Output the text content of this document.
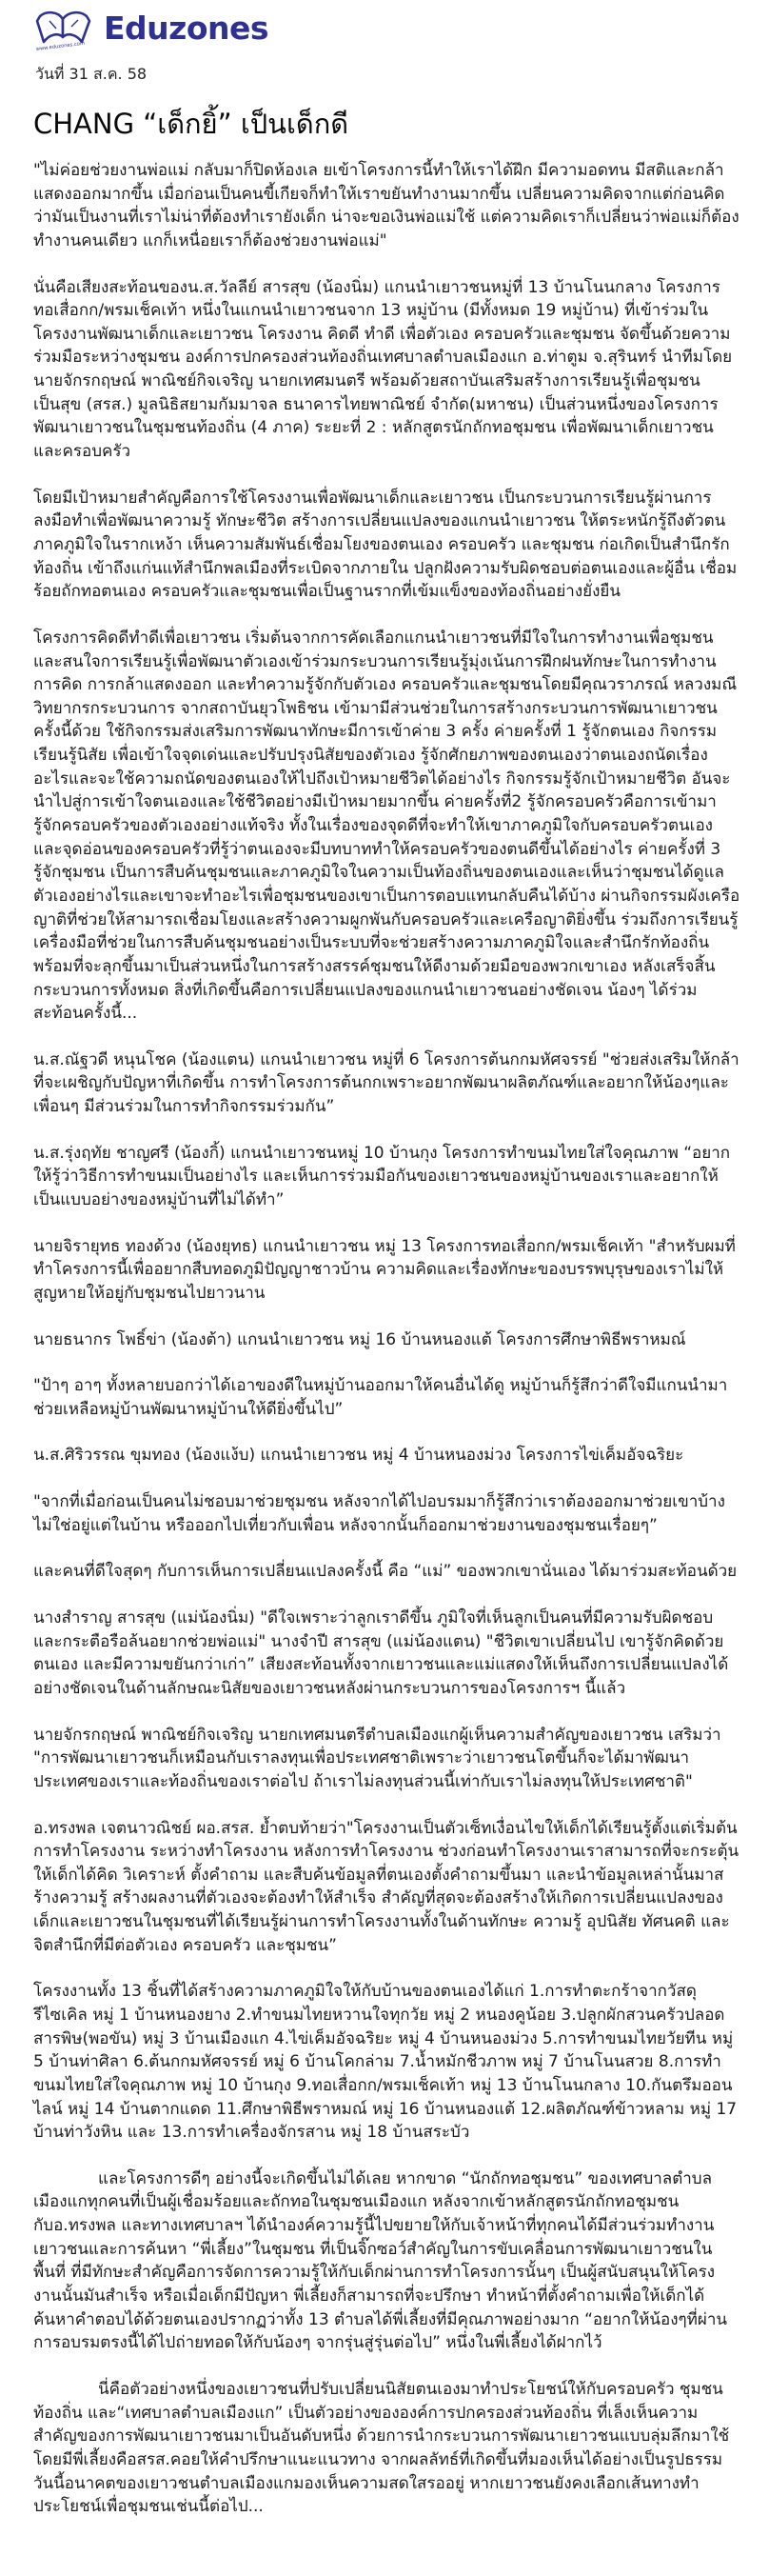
www.eduzones.com
Eduzones
วันที่ 31 ส.ค. 58
CHANG “เด็กยิ้” เป็นเด็กดี

"ไม่ค่อยช่วยงานพ่อแม่ กลับมาก็ปิดห้องเล ยเข้าโครงการนี้ทำให้เราได้ฝึก มีความอดทน มีสติและกล้าแสดงออกมากขึ้น เมื่อก่อนเป็นคนขี้เกียจก็ทำให้เราขยันทำงานมากขึ้น เปลี่ยนความคิดจากแต่ก่อนคิดว่ามันเป็นงานที่เราไม่น่าที่ต้องทำเรายังเด็ก น่าจะขอเงินพ่อแม่ใช้ แต่ความคิดเราก็เปลี่ยนว่าพ่อแม่ก็ต้องทำงานคนเดียว แกก็เหนื่อยเราก็ต้องช่วยงานพ่อแม่"

นั่นคือเสียงสะท้อนของน.ส.วัลลีย์ สารสุข (น้องนิ่ม) แกนนำเยาวชนหมู่ที่ 13 บ้านโนนกลาง โครงการทอเสื่อกก/พรมเช็คเท้า หนึ่งในแกนนำเยาวชนจาก 13 หมู่บ้าน (มีทั้งหมด 19 หมู่บ้าน) ที่เข้าร่วมในโครงงานพัฒนาเด็กและเยาวชน โครงงาน คิดดี ทำดี เพื่อตัวเอง ครอบครัวและชุมชน จัดขึ้นด้วยความร่วมมือระหว่างชุมชน องค์การปกครองส่วนท้องถิ่นเทศบาลตำบลเมืองแก อ.ท่าตูม จ.สุรินทร์ นำทีมโดย นายจักรกฤษณ์ พาณิชย์กิจเจริญ นายกเทศมนตรี พร้อมด้วยสถาบันเสริมสร้างการเรียนรู้เพื่อชุมชนเป็นสุข (สรส.) มูลนิธิสยามกัมมาจล ธนาคารไทยพาณิชย์ จำกัด(มหาชน) เป็นส่วนหนึ่งของโครงการพัฒนาเยาวชนในชุมชนท้องถิ่น (4 ภาค) ระยะที่ 2 : หลักสูตรนักถักทอชุมชน เพื่อพัฒนาเด็กเยาวชนและครอบครัว

โดยมีเป้าหมายสำคัญคือการใช้โครงงานเพื่อพัฒนาเด็กและเยาวชน เป็นกระบวนการเรียนรู้ผ่านการลงมือทำเพื่อพัฒนาความรู้ ทักษะชีวิต สร้างการเปลี่ยนแปลงของแกนนำเยาวชน ให้ตระหนักรู้ถึงตัวตน ภาคภูมิใจในรากเหง้า เห็นความสัมพันธ์เชื่อมโยงของตนเอง ครอบครัว และชุมชน ก่อเกิดเป็นสำนึกรักท้องถิ่น เข้าถึงแก่นแท้สำนึกพลเมืองที่ระเบิดจากภายใน ปลูกฝังความรับผิดชอบต่อตนเองและผู้อื่น เชื่อมร้อยถักทอตนเอง ครอบครัวและชุมชนเพื่อเป็นฐานรากที่เข้มแข็งของท้องถิ่นอย่างยั่งยืน

โครงการคิดดีทำดีเพื่อเยาวชน เริ่มต้นจากการคัดเลือกแกนนำเยาวชนที่มีใจในการทำงานเพื่อชุมชนและสนใจการเรียนรู้เพื่อพัฒนาตัวเองเข้าร่วมกระบวนการเรียนรู้มุ่งเน้นการฝึกฝนทักษะในการทำงานการคิด การกล้าแสดงออก และทำความรู้จักกับตัวเอง ครอบครัวและชุมชนโดยมีคุณวราภรณ์ หลวงมณี วิทยากรกระบวนการ จากสถาบันยุวโพธิชน เข้ามามีส่วนช่วยในการสร้างกระบวนการพัฒนาเยาวชนครั้งนี้ด้วย ใช้กิจกรรมส่งเสริมการพัฒนาทักษะมีการเข้าค่าย 3 ครั้ง ค่ายครั้งที่ 1 รู้จักตนเอง กิจกรรมเรียนรู้นิสัย เพื่อเข้าใจจุดเด่นและปรับปรุงนิสัยของตัวเอง รู้จักศักยภาพของตนเองว่าตนเองถนัดเรื่องอะไรและจะใช้ความถนัดของตนเองให้ไปถึงเป้าหมายชีวิตได้อย่างไร กิจกรรมรู้จักเป้าหมายชีวิต อันจะนำไปสู่การเข้าใจตนเองและใช้ชีวิตอย่างมีเป้าหมายมากขึ้น ค่ายครั้งที่2 รู้จักครอบครัวคือการเข้ามารู้จักครอบครัวของตัวเองอย่างแท้จริง ทั้งในเรื่องของจุดดีที่จะทำให้เขาภาคภูมิใจกับครอบครัวตนเองและจุดอ่อนของครอบครัวที่รู้ว่าตนเองจะมีบทบาททำให้ครอบครัวของตนดีขึ้นได้อย่างไร ค่ายครั้งที่ 3 รู้จักชุมชน เป็นการสืบค้นชุมชนและภาคภูมิใจในความเป็นท้องถิ่นของตนเองและเห็นว่าชุมชนได้ดูแลตัวเองอย่างไรและเขาจะทำอะไรเพื่อชุมชนของเขาเป็นการตอบแทนกลับคืนได้บ้าง ผ่านกิจกรรมผังเครือญาติที่ช่วยให้สามารถเชื่อมโยงและสร้างความผูกพันกับครอบครัวและเครือญาติยิ่งขึ้น ร่วมถึงการเรียนรู้เครื่องมือที่ช่วยในการสืบค้นชุมชนอย่างเป็นระบบที่จะช่วยสร้างความภาคภูมิใจและสำนึกรักท้องถิ่นพร้อมที่จะลุกขึ้นมาเป็นส่วนหนึ่งในการสร้างสรรค์ชุมชนให้ดีงามด้วยมือของพวกเขาเอง หลังเสร็จสิ้นกระบวนการทั้งหมด สิ่งที่เกิดขึ้นคือการเปลี่ยนแปลงของแกนนำเยาวชนอย่างชัดเจน น้องๆ ได้ร่วมสะท้อนครั้งนี้...

น.ส.ณัฐวดี หนุนโชค (น้องแตน) แกนนำเยาวชน หมู่ที่ 6 โครงการต้นกกมหัศจรรย์ "ช่วยส่งเสริมให้กล้าที่จะเผชิญกับปัญหาที่เกิดขึ้น การทำโครงการต้นกกเพราะอยากพัฒนาผลิตภัณฑ์และอยากให้น้องๆและเพื่อนๆ มีส่วนร่วมในการทำกิจกรรมร่วมกัน”

น.ส.รุ่งฤทัย ชาญศรี (น้องกิ้) แกนนำเยาวชนหมู่ 10 บ้านกุง โครงการทำขนมไทยใส่ใจคุณภาพ “อยากให้รู้ว่าวิธีการทำขนมเป็นอย่างไร และเห็นการร่วมมือกันของเยาวชนของหมู่บ้านของเราและอยากให้เป็นแบบอย่างของหมู่บ้านที่ไม่ได้ทำ”

นายจิรายุทธ ทองด้วง (น้องยุทธ) แกนนำเยาวชน หมู่ 13 โครงการทอเสื่อกก/พรมเช็คเท้า "สำหรับผมที่ทำโครงการนี้เพื่ออยากสืบทอดภูมิปัญญาชาวบ้าน ความคิดและเรื่องทักษะของบรรพบุรุษของเราไม่ให้สูญหายให้อยู่กับชุมชนไปยาวนาน

นายธนากร โพธิ์ข่า (น้องต้า) แกนนำเยาวชน หมู่ 16 บ้านหนองแต้ โครงการศึกษาพิธีพราหมณ์

"ป้าๆ อาๆ ทั้งหลายบอกว่าได้เอาของดีในหมู่บ้านออกมาให้คนอื่นได้ดู หมู่บ้านก็รู้สึกว่าดีใจมีแกนนำมาช่วยเหลือหมู่บ้านพัฒนาหมู่บ้านให้ดียิ่งขึ้นไป”

น.ส.ศิริวรรณ ขุมทอง (น้องแง้บ) แกนนำเยาวชน หมู่ 4 บ้านหนองม่วง โครงการไข่เค็มอัจฉริยะ

"จากที่เมื่อก่อนเป็นคนไม่ชอบมาช่วยชุมชน หลังจากได้ไปอบรมมาก็รู้สึกว่าเราต้องออกมาช่วยเขาบ้าง ไม่ใช่อยู่แต่ในบ้าน หรือออกไปเที่ยวกับเพื่อน หลังจากนั้นก็ออกมาช่วยงานของชุมชนเรื่อยๆ”

และคนที่ดีใจสุดๆ กับการเห็นการเปลี่ยนแปลงครั้งนี้ คือ “แม่” ของพวกเขานั่นเอง ได้มาร่วมสะท้อนด้วย

นางสำราญ สารสุข (แม่น้องนิ่ม) "ดีใจเพราะว่าลูกเราดีขึ้น ภูมิใจที่เห็นลูกเป็นคนที่มีความรับผิดชอบและกระตือรือล้นอยากช่วยพ่อแม่" นางจำปี สารสุข (แม่น้องแตน) "ชีวิตเขาเปลี่ยนไป เขารู้จักคิดด้วยตนเอง และมีความขยันกว่าเก่า” เสียงสะท้อนทั้งจากเยาวชนและแม่แสดงให้เห็นถึงการเปลี่ยนแปลงได้อย่างชัดเจนในด้านลักษณะนิสัยของเยาวชนหลังผ่านกระบวนการของโครงการฯ นี้แล้ว

นายจักรกฤษณ์ พาณิชย์กิจเจริญ นายกเทศมนตรีตำบลเมืองแกผู้เห็นความสำคัญของเยาวชน เสริมว่า "การพัฒนาเยาวชนก็เหมือนกับเราลงทุนเพื่อประเทศชาติเพราะว่าเยาวชนโตขึ้นก็จะได้มาพัฒนาประเทศของเราและท้องถิ่นของเราต่อไป ถ้าเราไม่ลงทุนส่วนนี้เท่ากับเราไม่ลงทุนให้ประเทศชาติ"

อ.ทรงพล เจตนาวณิชย์ ผอ.สรส. ย้ำตบท้ายว่า"โครงงานเป็นตัวเซ็ทเงื่อนไขให้เด็กได้เรียนรู้ตั้งแต่เริ่มต้นการทำโครงงาน ระหว่างทำโครงงาน หลังการทำโครงงาน ช่วงก่อนทำโครงงานเราสามารถที่จะกระตุ้นให้เด็กได้คิด วิเคราะห์ ตั้งคำถาม และสืบค้นข้อมูลที่ตนเองตั้งคำถามขึ้นมา และนำข้อมูลเหล่านั้นมาสร้างความรู้ สร้างผลงานที่ตัวเองจะต้องทำให้สำเร็จ สำคัญที่สุดจะต้องสร้างให้เกิดการเปลี่ยนแปลงของเด็กและเยาวชนในชุมชนที่ได้เรียนรู้ผ่านการทำโครงงานทั้งในด้านทักษะ ความรู้ อุปนิสัย ทัศนคติ และจิตสำนึกที่มีต่อตัวเอง ครอบครัว และชุมชน”

โครงงานทั้ง 13 ชิ้นที่ได้สร้างความภาคภูมิใจให้กับบ้านของตนเองได้แก่ 1.การทำตะกร้าจากวัสดุ รีไซเคิล หมู่ 1 บ้านหนองยาง 2.ทำขนมไทยหวานใจทุกวัย หมู่ 2 หนองคูน้อย 3.ปลูกผักสวนครัวปลอดสารพิษ(พอขัน) หมู่ 3 บ้านเมืองแก 4.ไข่เค็มอัจฉริยะ หมู่ 4 บ้านหนองม่วง 5.การทำขนมไทยวัยทีน หมู่ 5 บ้านท่าศิลา 6.ต้นกกมหัศจรรย์ หมู่ 6 บ้านโคกล่าม 7.น้ำหมักชีวภาพ หมู่ 7 บ้านโนนสวย 8.การทำขนมไทยใส่ใจคุณภาพ หมู่ 10 บ้านกุง 9.ทอเสื่อกก/พรมเช็คเท้า หมู่ 13 บ้านโนนกลาง 10.กันตรึมออนไลน์ หมู่ 14 บ้านตากแดด 11.ศึกษาพิธีพราหมณ์ หมู่ 16 บ้านหนองแต้ 12.ผลิตภัณฑ์ข้าวหลาม หมู่ 17 บ้านท่าวังหิน และ 13.การทำเครื่องจักรสาน หมู่ 18 บ้านสระบัว

และโครงการดีๆ อย่างนี้จะเกิดขึ้นไม่ได้เลย หากขาด “นักถักทอชุมชน” ของเทศบาลตำบลเมืองแกทุกคนที่เป็นผู้เชื่อมร้อยและถักทอในชุมชนเมืองแก หลังจากเข้าหลักสูตรนักถักทอชุมชน กับอ.ทรงพล และทางเทศบาลฯ ได้นำองค์ความรู้นี้ไปขยายให้กับเจ้าหน้าที่ทุกคนได้มีส่วนร่วมทำงานเยาวชนและการค้นหา “พี่เลี้ยง”ในชุมชน ที่เป็นจิ๊กซอว์สำคัญในการขับเคลื่อนการพัฒนาเยาวชนในพื้นที่ ที่มีทักษะสำคัญคือการจัดการความรู้ให้กับเด็กผ่านการทำโครงการนั้นๆ เป็นผู้สนับสนุนให้โครงงานนั้นมันสำเร็จ หรือเมื่อเด็กมีปัญหา พี่เลี้ยงก็สามารถที่จะปรึกษา ทำหน้าที่ตั้งคำถามเพื่อให้เด็กได้ค้นหาคำตอบได้ด้วยตนเองปรากฏว่าทั้ง 13 ตำบลได้พี่เลี้ยงที่มีคุณภาพอย่างมาก “อยากให้น้องๆที่ผ่านการอบรมตรงนี้ได้ไปถ่ายทอดให้กับน้องๆ จากรุ่นสู่รุ่นต่อไป” หนึ่งในพี่เลี้ยงได้ฝากไว้

นี่คือตัวอย่างหนึ่งของเยาวชนที่ปรับเปลี่ยนนิสัยตนเองมาทำประโยชน์ให้กับครอบครัว ชุมชน ท้องถิ่น และ“เทศบาลตำบลเมืองแก” เป็นตัวอย่างขององค์การปกครองส่วนท้องถิ่น ที่เล็งเห็นความสำคัญของการพัฒนาเยาวชนมาเป็นอันดับหนึ่ง ด้วยการนำกระบวนการพัฒนาเยาวชนแบบลุ่มลึกมาใช้ โดยมีพี่เลี้ยงคือสรส.คอยให้คำปรึกษาแนะแนวทาง จากผลลัทธ์ที่เกิดขึ้นที่มองเห็นได้อย่างเป็นรูปธรรม วันนี้อนาคตของเยาวชนตำบลเมืองแกมองเห็นความสดใสรออยู่ หากเยาวชนยังคงเลือกเส้นทางทำประโยชน์เพื่อชุมชนเช่นนี้ต่อไป...
